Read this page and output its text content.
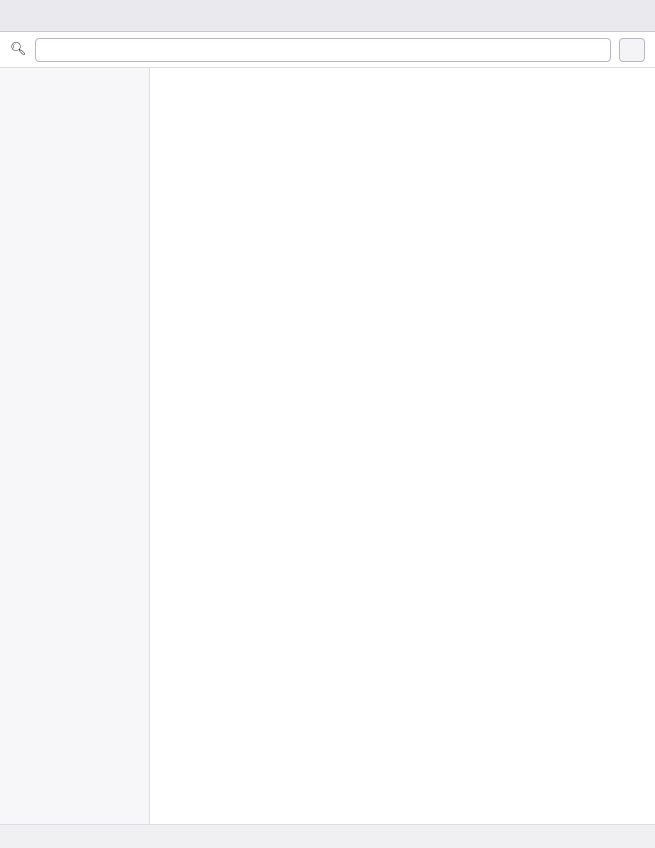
🔍︎
